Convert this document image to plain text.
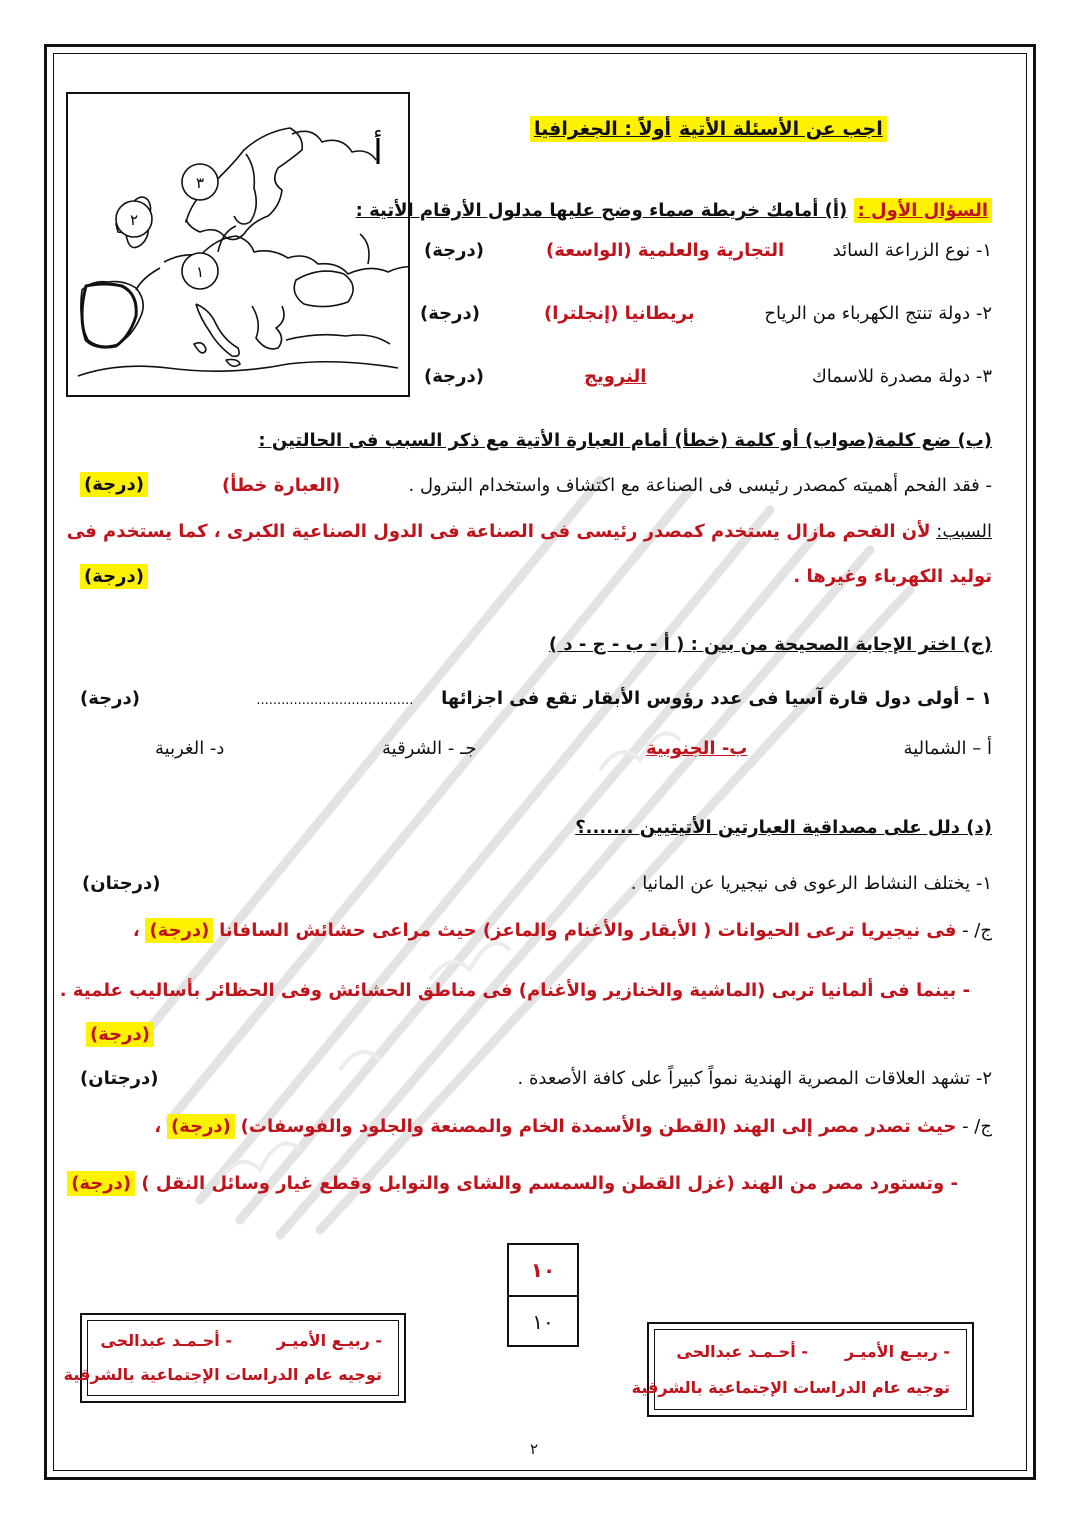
٣
٢
١
أ
اجب عن الأسئلة الأتيةأولاً : الجغرافيا
السؤال الأول : (أ) أمامك خريطة صماء وضح عليها مدلول الأرقام الأتية :
١- نوع الزراعة السائد
التجارية والعلمية (الواسعة)
(درجة)
٢- دولة تنتج الكهرباء من الرياح
بريطانيا (إنجلترا)
(درجة)
٣- دولة مصدرة للاسماك
النرويج
(درجة)
(ب) ضع كلمة(صواب) أو كلمة (خطأ) أمام العبارة الأتية مع ذكر السبب فى الحالتين :
- فقد الفحم أهميته كمصدر رئيسى فى الصناعة مع اكتشاف واستخدام البترول .
(العبارة خطأ)
(درجة)
السبب: لأن الفحم مازال يستخدم كمصدر رئيسى فى الصناعة فى الدول الصناعية الكبرى ، كما يستخدم فى
توليد الكهرباء وغيرها .
(درجة)
(ج) اختر الإجابة الصحيحة من بين : ( أ - ب - ج - د )
١ – أولى دول قارة آسيا فى عدد رؤوس الأبقار تقع فى اجزائها ......................................
(درجة)
أ – الشمالية
ب- الجنوبية
جـ - الشرقية
د- الغربية
(د) دلل على مصداقية العبارتين الأتيتيين .......؟
١- يختلف النشاط الرعوى فى نيجيريا عن المانيا .
(درجتان)
ج/ - فى نيجيريا ترعى الحيوانات ( الأبقار والأغنام والماعز) حيث مراعى حشائش السافانا (درجة) ،
- بينما فى ألمانيا تربى (الماشية والخنازير والأغنام) فى مناطق الحشائش وفى الحظائر بأساليب علمية .
(درجة)
٢- تشهد العلاقات المصرية الهندية نمواً كبيراً على كافة الأصعدة .
(درجتان)
ج/ - حيث تصدر مصر إلى الهند (القطن والأسمدة الخام والمصنعة والجلود والفوسفات) (درجة) ،
- وتستورد مصر من الهند (غزل القطن والسمسم والشاى والتوابل وقطع غيار وسائل النقل ) (درجة)
١٠
١٠
- ربيـع الأميـر
- أحـمـد عبدالحى
توجيه عام الدراسات الإجتماعية بالشرقية
- ربيـع الأميـر
- أحـمـد عبدالحى
توجيه عام الدراسات الإجتماعية بالشرقية
٢
